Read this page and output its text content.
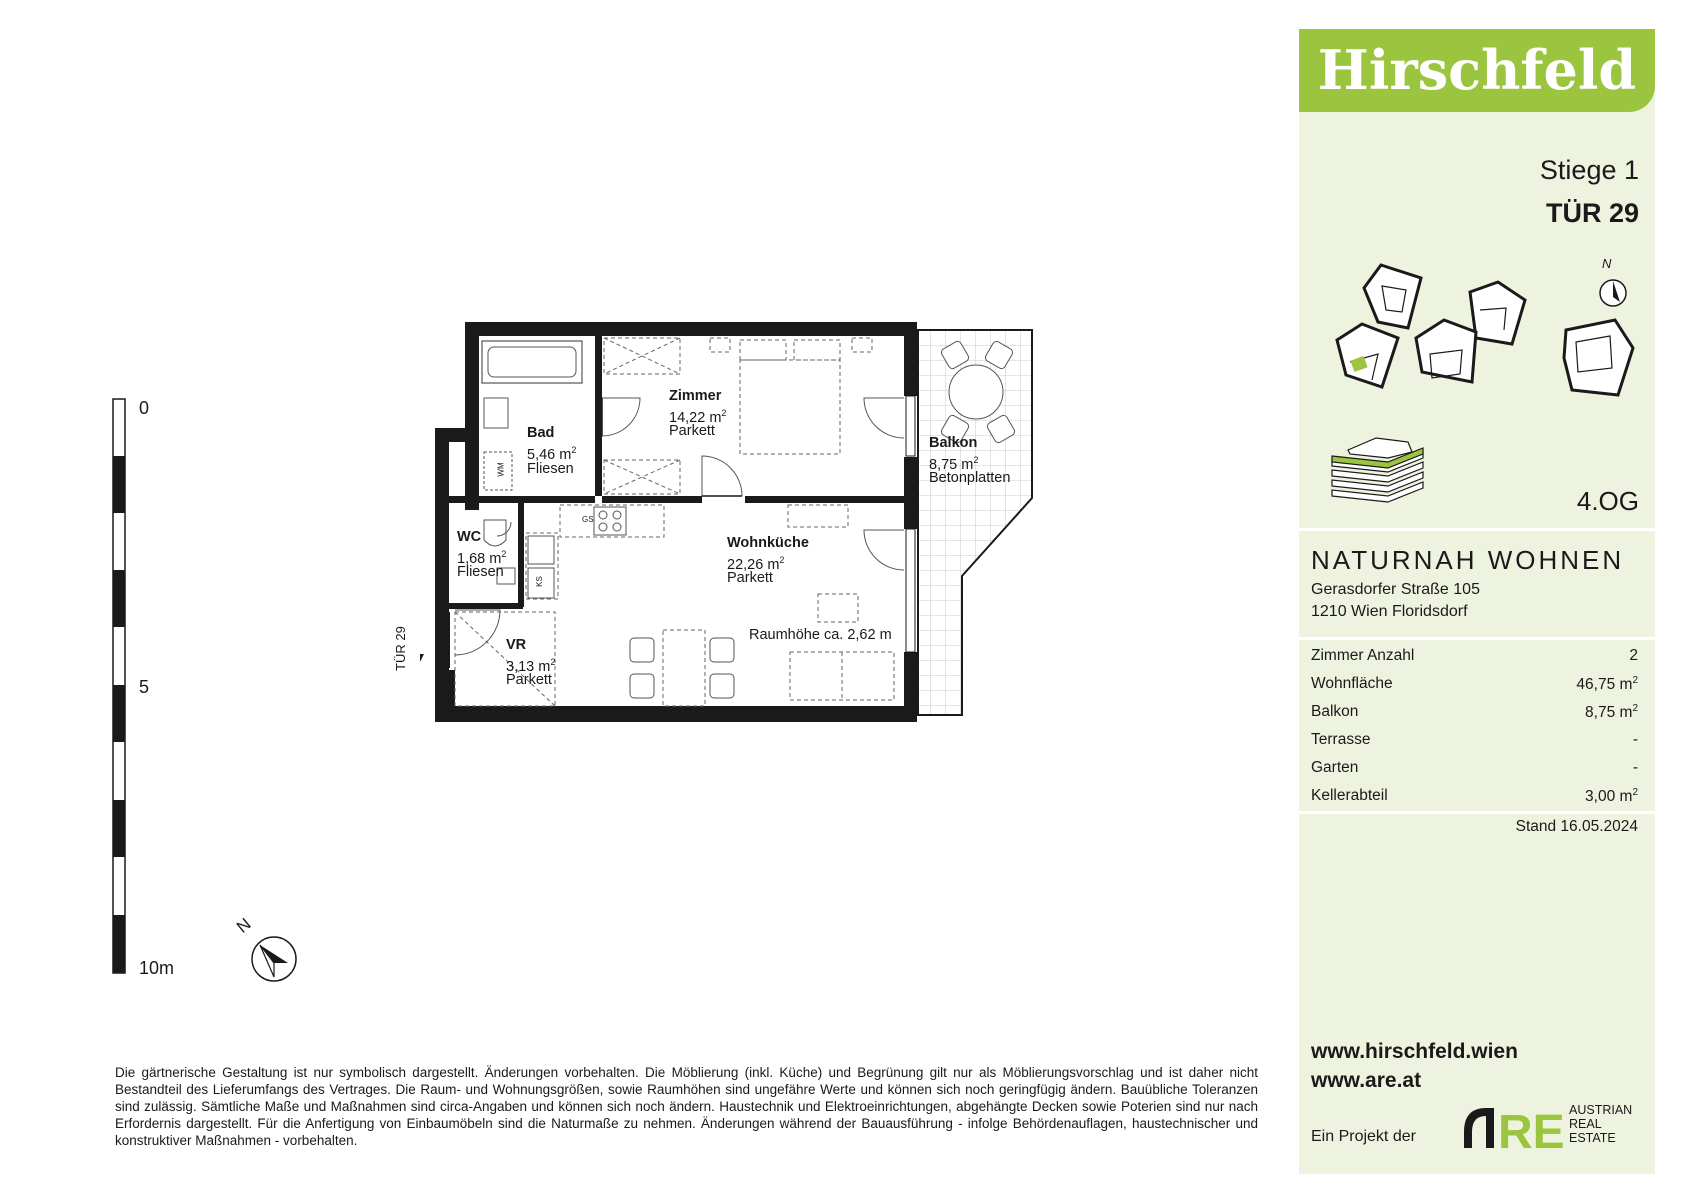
Hirschfeld
Stiege 1
TÜR 29
N
4.OG
NATURNAH WOHNEN
Gerasdorfer Straße 105
1210 Wien Floridsdorf
Zimmer Anzahl	2
Wohnfläche	46,75 $m^2$
Balkon	8,75 $m^2$
Terrasse	-
Garten	-
Kellerabteil	3,00 $m^2$
Stand 16.05.2024
www.hirschfeld.wien
www.are.at
Ein Projekt der RE AUSTRIAN
REAL
ESTATE
Bad
5,46 $m^2$
Fliesen
WM
Zimmer
14,22 $m^2$
Parkett
Balkon
8,75 $m^2$
Betonplatten
WC
1,68 $m^2$
Fliesen
Wohnküche
22,26 $m^2$
Parkett
VR
3,13 $m^2$
Parkett
Raumhöhe ca. 2,62 m
GS
KS
TÜR 29
0
5
10m
N
Die gärtnerische Gestaltung ist nur symbolisch dargestellt. Änderungen vorbehalten. Die Möblierung (inkl. Küche) und Begrünung gilt nur als Möblierungsvorschlag und ist daher nicht Bestandteil des Lieferumfangs des Vertrages. Die Raum- und Wohnungsgrößen, sowie Raumhöhen sind ungefähre Werte und können sich noch geringfügig ändern. Bauübliche Toleranzen sind zulässig. Sämtliche Maße und Maßnahmen sind circa-Angaben und können sich noch ändern. Haustechnik und Elektroeinrichtungen, abgehängte Decken sowie Poterien sind nur nach Erfordernis dargestellt. Für die Anfertigung von Einbaumöbeln sind die Naturmaße zu nehmen. Änderungen während der Bauausführung - infolge Behördenauflagen, haustechnischer und konstruktiver Maßnahmen - vorbehalten.
